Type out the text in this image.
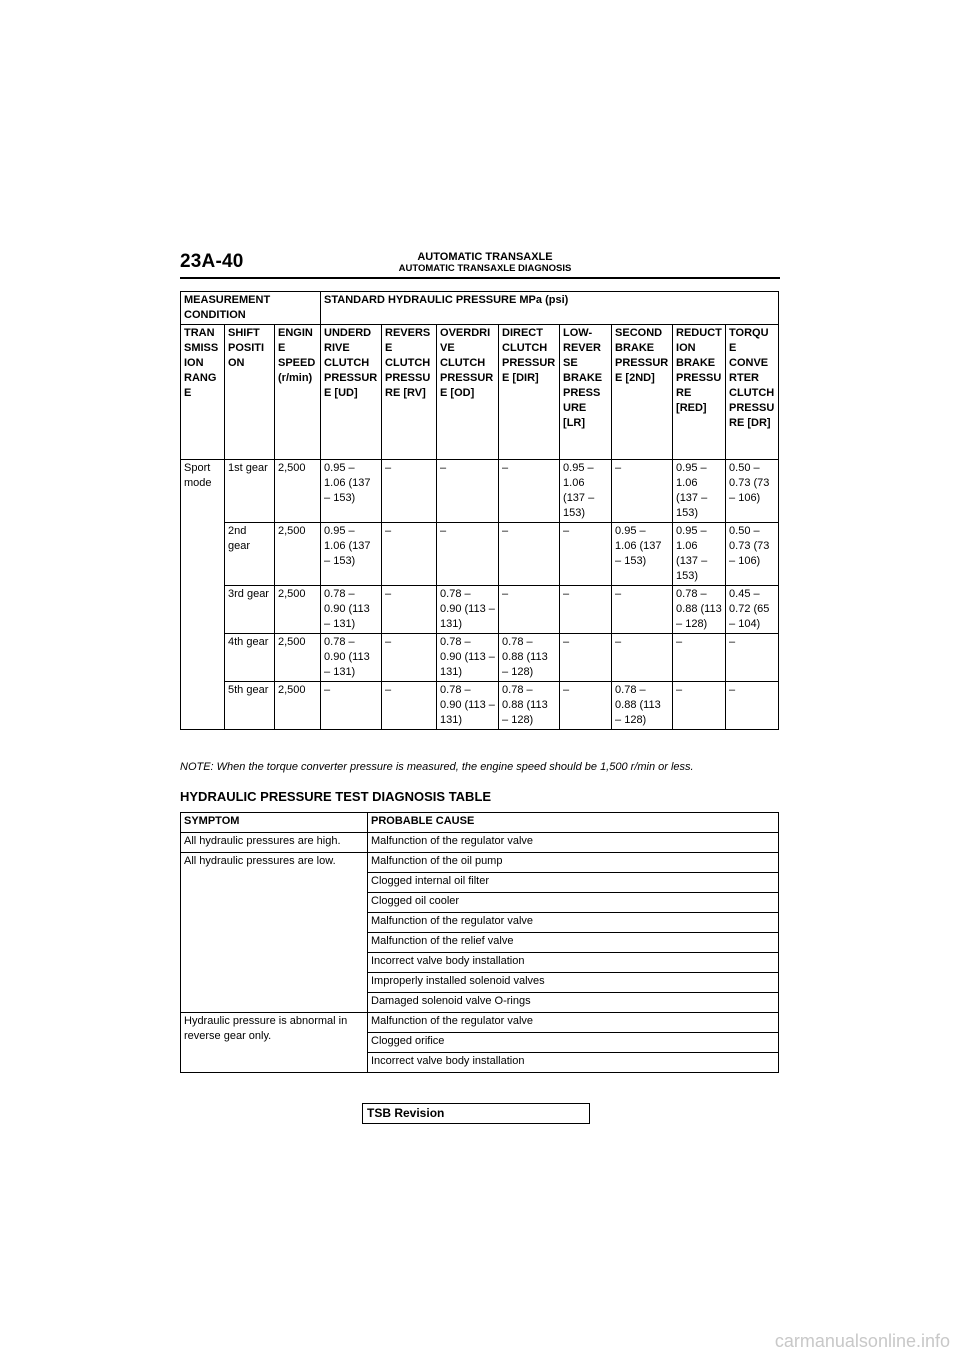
23A-40	AUTOMATIC TRANSAXLE
AUTOMATIC TRANSAXLE DIAGNOSIS
MEASUREMENT CONDITION			STANDARD HYDRAULIC PRESSURE MPa (psi)							
TRANSMISSION RANGE	SHIFT POSITION	ENGINE SPEED (r/min)	UNDERDRIVE CLUTCH PRESSURE [UD]	REVERSE CLUTCH PRESSURE [RV]	OVERDRIVE CLUTCH PRESSURE [OD]	DIRECT CLUTCH PRESSURE [DIR]	LOW-REVERSE BRAKE PRESSURE [LR]	SECOND BRAKE PRESSURE [2ND]	REDUCTION BRAKE PRESSURE [RED]	TORQUE CONVERTER CLUTCH PRESSURE [DR]
Sport mode	1st gear	2,500	0.95 – 1.06 (137 – 153)	–	–	–	0.95 – 1.06 (137 – 153)	–	0.95 – 1.06 (137 – 153)	0.50 – 0.73 (73 – 106)
	2nd gear	2,500	0.95 – 1.06 (137 – 153)	–	–	–	–	0.95 – 1.06 (137 – 153)	0.95 – 1.06 (137 – 153)	0.50 – 0.73 (73 – 106)
	3rd gear	2,500	0.78 – 0.90 (113 – 131)	–	0.78 – 0.90 (113 – 131)	–	–	–	0.78 – 0.88 (113 – 128)	0.45 – 0.72 (65 – 104)
	4th gear	2,500	0.78 – 0.90 (113 – 131)	–	0.78 – 0.90 (113 – 131)	0.78 – 0.88 (113 – 128)	–	–	–	–
	5th gear	2,500	–	–	0.78 – 0.90 (113 – 131)	0.78 – 0.88 (113 – 128)	–	0.78 – 0.88 (113 – 128)	–	–
NOTE: When the torque converter pressure is measured, the engine speed should be 1,500 r/min or less.
HYDRAULIC PRESSURE TEST DIAGNOSIS TABLE
SYMPTOM	PROBABLE CAUSE
All hydraulic pressures are high.	Malfunction of the regulator valve
All hydraulic pressures are low.	Malfunction of the oil pump
	Clogged internal oil filter
	Clogged oil cooler
	Malfunction of the regulator valve
	Malfunction of the relief valve
	Incorrect valve body installation
	Improperly installed solenoid valves
	Damaged solenoid valve O-rings
Hydraulic pressure is abnormal in reverse gear only.	Malfunction of the regulator valve
	Clogged orifice
	Incorrect valve body installation
TSB Revision
carmanualsonline.info
